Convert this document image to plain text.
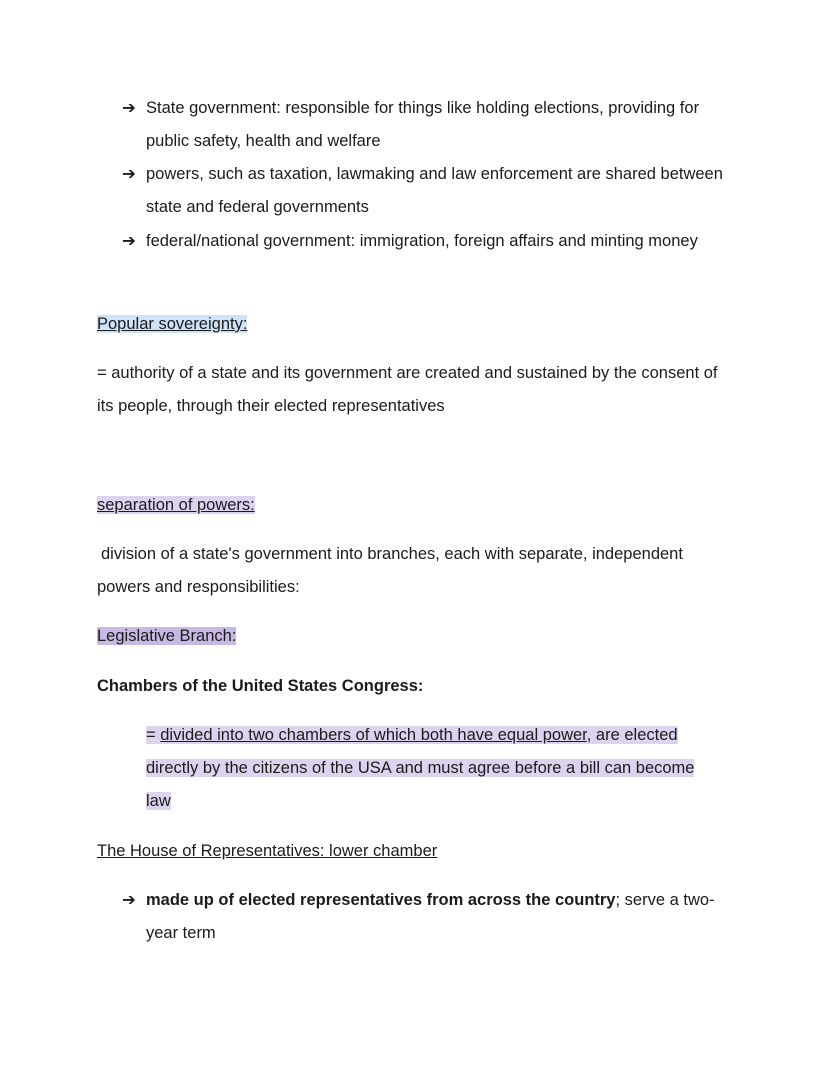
➔ State government: responsible for things like holding elections, providing for public safety, health and welfare
➔ powers, such as taxation, lawmaking and law enforcement are shared between state and federal governments
➔ federal/national government: immigration, foreign affairs and minting money
Popular sovereignty:
= authority of a state and its government are created and sustained by the consent of its people, through their elected representatives
separation of powers:
division of a state's government into branches, each with separate, independent powers and responsibilities:
Legislative Branch:
Chambers of the United States Congress:
= divided into two chambers of which both have equal power, are elected directly by the citizens of the USA and must agree before a bill can become law
The House of Representatives: lower chamber
➔ made up of elected representatives from across the country; serve a two-year term
